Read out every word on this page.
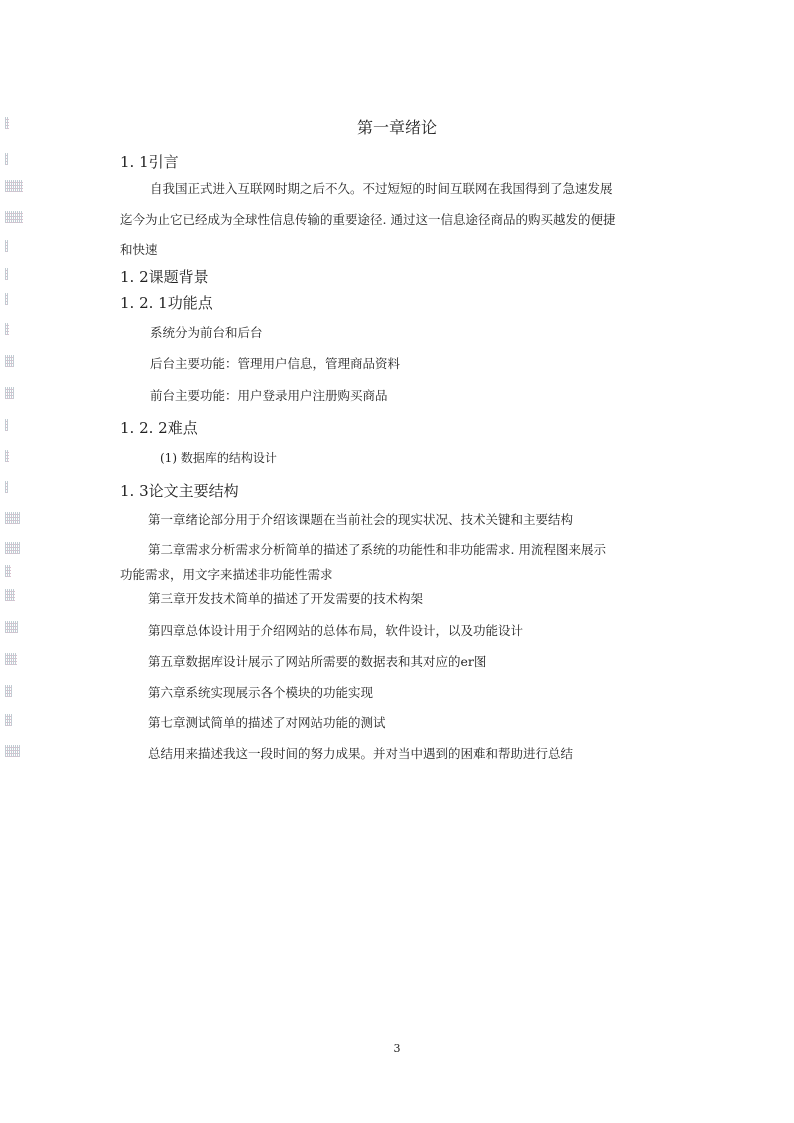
第一章绪论
1. 1引言
自我国正式进入互联网时期之后不久。不过短短的时间互联网在我国得到了急速发展
迄今为止它已经成为全球性信息传输的重要途径. 通过这一信息途径商品的购买越发的便捷
和快速
1. 2课题背景
1. 2. 1功能点
系统分为前台和后台
后台主要功能：管理用户信息，管理商品资料
前台主要功能：用户登录用户注册购买商品
1. 2. 2难点
(1) 数据库的结构设计
1. 3论文主要结构
第一章绪论部分用于介绍该课题在当前社会的现实状况、技术关键和主要结构
第二章需求分析需求分析简单的描述了系统的功能性和非功能需求. 用流程图来展示
功能需求，用文字来描述非功能性需求
第三章开发技术简单的描述了开发需要的技术构架
第四章总体设计用于介绍网站的总体布局，软件设计，以及功能设计
第五章数据库设计展示了网站所需要的数据表和其对应的er图
第六章系统实现展示各个模块的功能实现
第七章测试简单的描述了对网站功能的测试
总结用来描述我这一段时间的努力成果。并对当中遇到的困难和帮助进行总结
3
